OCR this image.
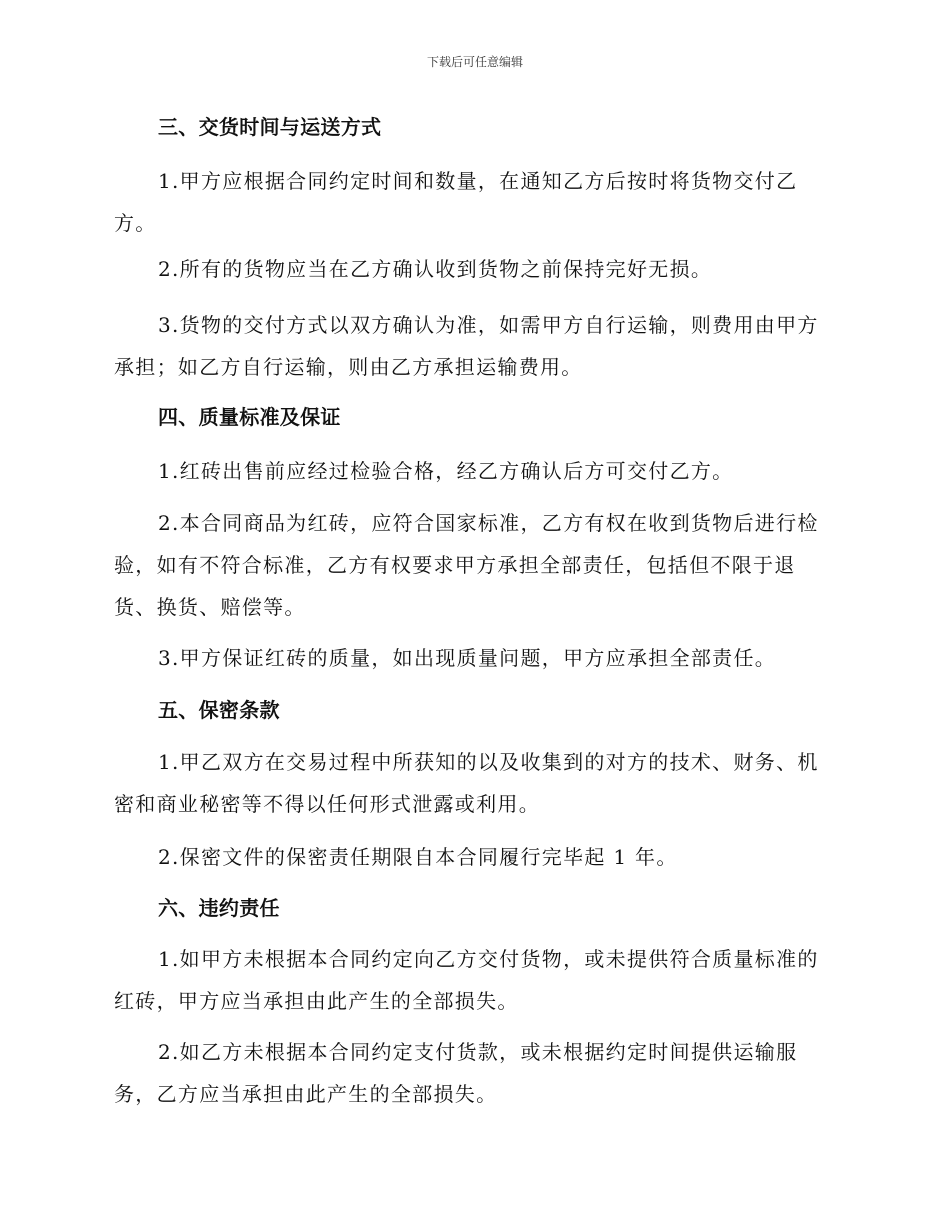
下载后可任意编辑
三、交货时间与运送方式
1.甲方应根据合同约定时间和数量，在通知乙方后按时将货物交付乙方。
2.所有的货物应当在乙方确认收到货物之前保持完好无损。
3.货物的交付方式以双方确认为准，如需甲方自行运输，则费用由甲方承担；如乙方自行运输，则由乙方承担运输费用。
四、质量标准及保证
1.红砖出售前应经过检验合格，经乙方确认后方可交付乙方。
2.本合同商品为红砖，应符合国家标准，乙方有权在收到货物后进行检验，如有不符合标准，乙方有权要求甲方承担全部责任，包括但不限于退货、换货、赔偿等。
3.甲方保证红砖的质量，如出现质量问题，甲方应承担全部责任。
五、保密条款
1.甲乙双方在交易过程中所获知的以及收集到的对方的技术、财务、机密和商业秘密等不得以任何形式泄露或利用。
2.保密文件的保密责任期限自本合同履行完毕起 1 年。
六、违约责任
1.如甲方未根据本合同约定向乙方交付货物，或未提供符合质量标准的红砖，甲方应当承担由此产生的全部损失。
2.如乙方未根据本合同约定支付货款，或未根据约定时间提供运输服务，乙方应当承担由此产生的全部损失。
